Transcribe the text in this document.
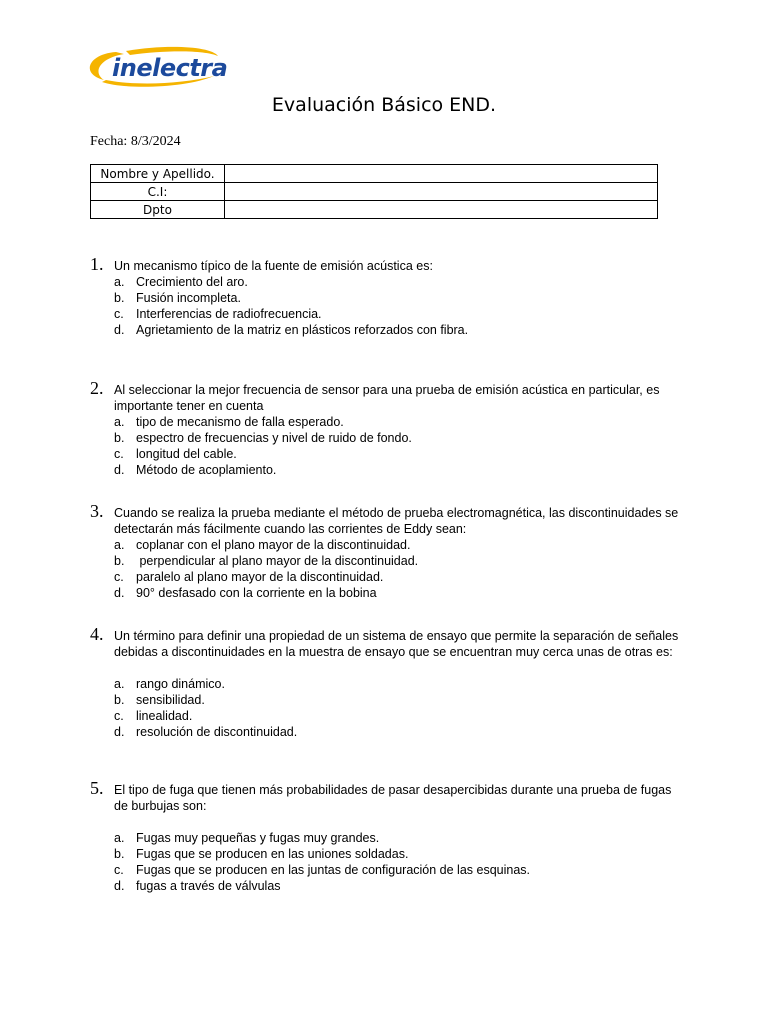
inelectra
Evaluación Básico END.
Fecha: 8/3/2024
Nombre y Apellido.	
C.I:	
Dpto	
1. Un mecanismo típico de la fuente de emisión acústica es:
a. Crecimiento del aro.
b. Fusión incompleta.
c. Interferencias de radiofrecuencia.
d. Agrietamiento de la matriz en plásticos reforzados con fibra.
2. Al seleccionar la mejor frecuencia de sensor para una prueba de emisión acústica en particular, es importante tener en cuenta
a. tipo de mecanismo de falla esperado.
b. espectro de frecuencias y nivel de ruido de fondo.
c. longitud del cable.
d. Método de acoplamiento.
3. Cuando se realiza la prueba mediante el método de prueba electromagnética, las discontinuidades se detectarán más fácilmente cuando las corrientes de Eddy sean:
a. coplanar con el plano mayor de la discontinuidad.
b. perpendicular al plano mayor de la discontinuidad.
c. paralelo al plano mayor de la discontinuidad.
d. 90° desfasado con la corriente en la bobina
4. Un término para definir una propiedad de un sistema de ensayo que permite la separación de señales debidas a discontinuidades en la muestra de ensayo que se encuentran muy cerca unas de otras es:
a. rango dinámico.
b. sensibilidad.
c. linealidad.
d. resolución de discontinuidad.
5. El tipo de fuga que tienen más probabilidades de pasar desapercibidas durante una prueba de fugas de burbujas son:
a. Fugas muy pequeñas y fugas muy grandes.
b. Fugas que se producen en las uniones soldadas.
c. Fugas que se producen en las juntas de configuración de las esquinas.
d. fugas a través de válvulas
